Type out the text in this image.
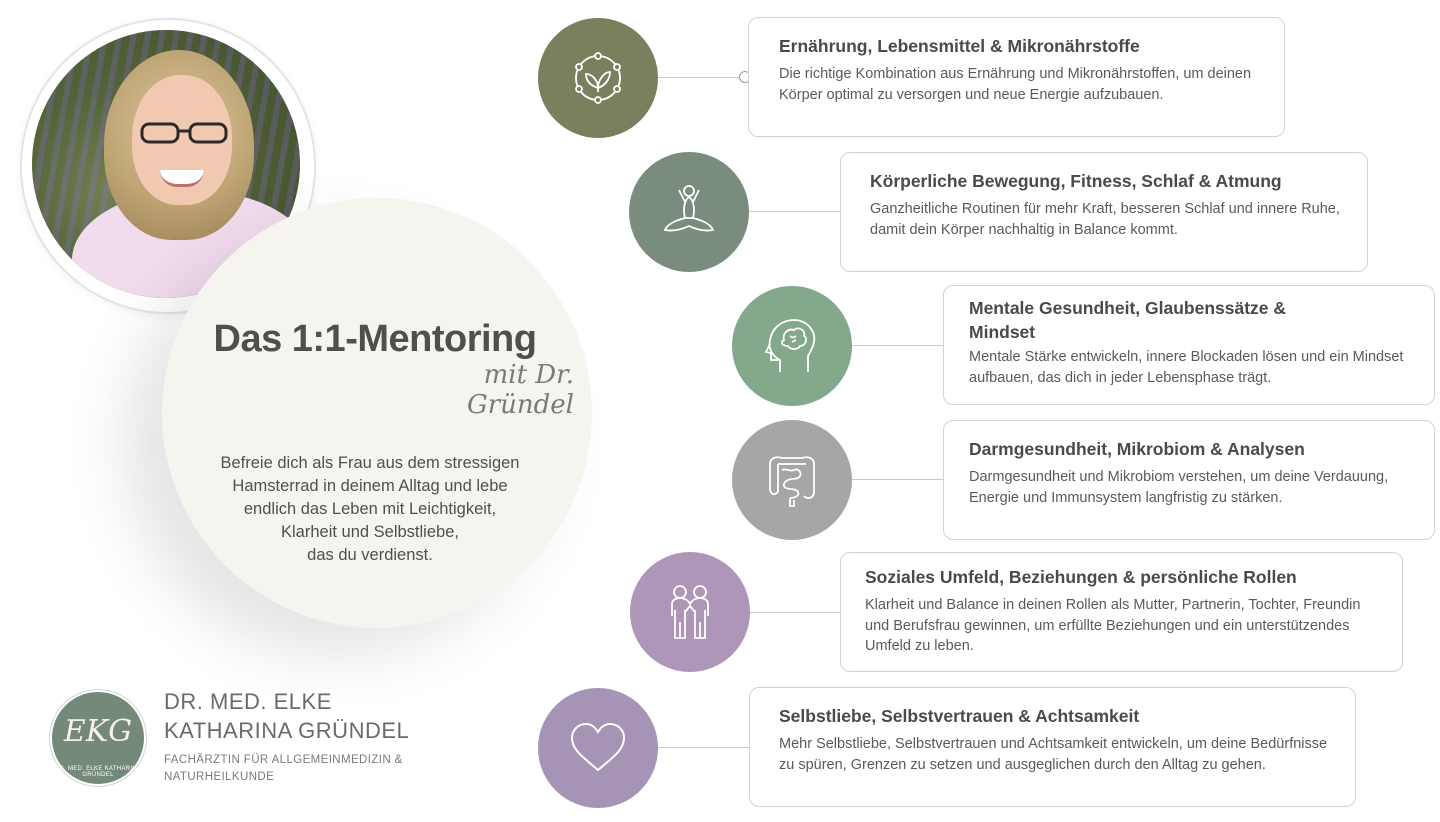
Das 1:1-Mentoring
mit Dr. Gründel
Befreie dich als Frau aus dem stressigen
Hamsterrad in deinem Alltag und lebe
endlich das Leben mit Leichtigkeit,
Klarheit und Selbstliebe,
das du verdienst.
EKG
DR. MED. ELKE KATHARINA GRÜNDEL
DR. MED. ELKE
KATHARINA GRÜNDEL
FACHÄRZTIN FÜR ALLGEMEINMEDIZIN & NATURHEILKUNDE

Ernährung, Lebensmittel & Mikronährstoffe

Die richtige Kombination aus Ernährung und Mikronährstoffen, um deinen Körper optimal zu versorgen und neue Energie aufzubauen.

Körperliche Bewegung, Fitness, Schlaf & Atmung

Ganzheitliche Routinen für mehr Kraft, besseren Schlaf und innere Ruhe, damit dein Körper nachhaltig in Balance kommt.

Mentale Gesundheit, Glaubenssätze & Mindset

Mentale Stärke entwickeln, innere Blockaden lösen und ein Mindset aufbauen, das dich in jeder Lebensphase trägt.

Darmgesundheit, Mikrobiom & Analysen

Darmgesundheit und Mikrobiom verstehen, um deine Verdauung, Energie und Immunsystem langfristig zu stärken.

Soziales Umfeld, Beziehungen & persönliche Rollen

Klarheit und Balance in deinen Rollen als Mutter, Partnerin, Tochter, Freundin und Berufsfrau gewinnen, um erfüllte Beziehungen und ein unterstützendes Umfeld zu leben.

Selbstliebe, Selbstvertrauen & Achtsamkeit

Mehr Selbstliebe, Selbstvertrauen und Achtsamkeit entwickeln, um deine Bedürfnisse zu spüren, Grenzen zu setzen und ausgeglichen durch den Alltag zu gehen.
